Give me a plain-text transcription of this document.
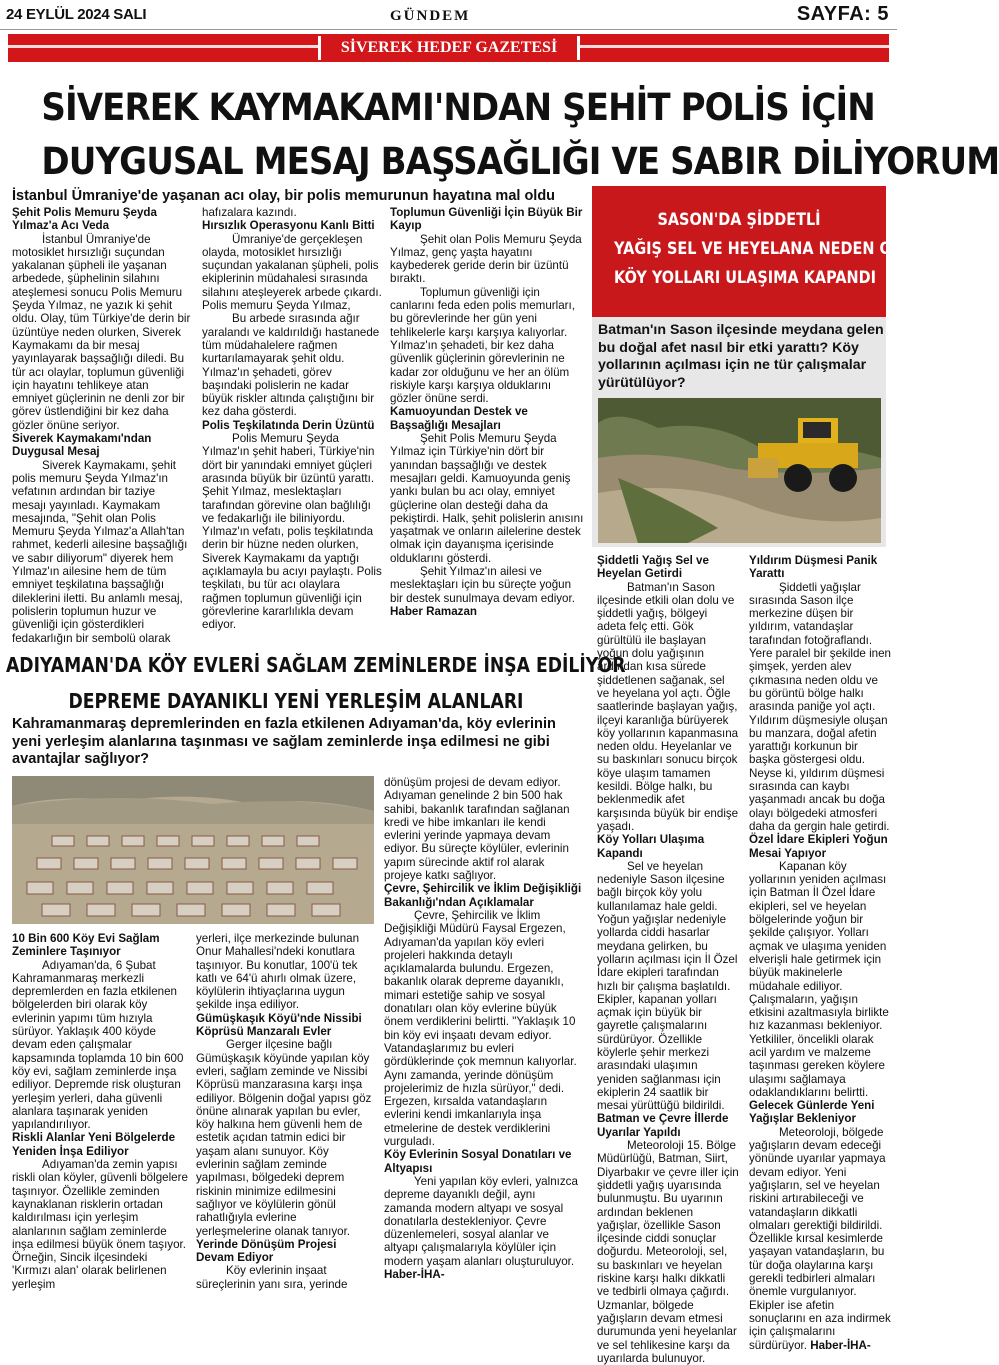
24 EYLÜL 2024 SALI	GÜNDEM	SAYFA: 5
SİVEREK HEDEF GAZETESİ
SİVEREK KAYMAKAMI'NDAN ŞEHİT POLİS İÇİN
DUYGUSAL MESAJ BAŞSAĞLIĞI VE SABIR DİLİYORUM
İstanbul Ümraniye'de yaşanan acı olay, bir polis memurunun hayatına mal oldu
Şehit Polis Memuru Şeyda Yılmaz'a Acı Veda

İstanbul Ümraniye'de motosiklet hırsızlığı suçundan yakalanan şüpheli ile yaşanan arbedede, şüphelinin silahını ateşlemesi sonucu Polis Memuru Şeyda Yılmaz, ne yazık ki şehit oldu. Olay, tüm Türkiye'de derin bir üzüntüye neden olurken, Siverek Kaymakamı da bir mesaj yayınlayarak başsağlığı diledi. Bu tür acı olaylar, toplumun güvenliği için hayatını tehlikeye atan emniyet güçlerinin ne denli zor bir görev üstlendiğini bir kez daha gözler önüne seriyor.

Siverek Kaymakamı'ndan Duygusal Mesaj

Siverek Kaymakamı, şehit polis memuru Şeyda Yılmaz'ın vefatının ardından bir taziye mesajı yayınladı. Kaymakam mesajında, "Şehit olan Polis Memuru Şeyda Yılmaz'a Allah'tan rahmet, kederli ailesine başsağlığı ve sabır diliyorum" diyerek hem Yılmaz'ın ailesine hem de tüm emniyet teşkilatına başsağlığı dileklerini iletti. Bu anlamlı mesaj, polislerin toplumun huzur ve güvenliği için gösterdikleri fedakarlığın bir sembolü olarak

hafızalara kazındı.
Hırsızlık Operasyonu Kanlı Bitti

Ümraniye'de gerçekleşen olayda, motosiklet hırsızlığı suçundan yakalanan şüpheli, polis ekiplerinin müdahalesi sırasında silahını ateşleyerek arbede çıkardı. Polis memuru Şeyda Yılmaz,

Bu arbede sırasında ağır yaralandı ve kaldırıldığı hastanede tüm müdahalelere rağmen kurtarılamayarak şehit oldu. Yılmaz'ın şehadeti, görev başındaki polislerin ne kadar büyük riskler altında çalıştığını bir kez daha gösterdi.

Polis Teşkilatında Derin Üzüntü

Polis Memuru Şeyda Yılmaz'ın şehit haberi, Türkiye'nin dört bir yanındaki emniyet güçleri arasında büyük bir üzüntü yarattı. Şehit Yılmaz, meslektaşları tarafından görevine olan bağlılığı ve fedakarlığı ile biliniyordu. Yılmaz'ın vefatı, polis teşkilatında derin bir hüzne neden olurken, Siverek Kaymakamı da yaptığı açıklamayla bu acıyı paylaştı. Polis teşkilatı, bu tür acı olaylara rağmen toplumun güvenliği için görevlerine kararlılıkla devam ediyor.

Toplumun Güvenliği İçin Büyük Bir Kayıp

Şehit olan Polis Memuru Şeyda Yılmaz, genç yaşta hayatını kaybederek geride derin bir üzüntü bıraktı.

Toplumun güvenliği için canlarını feda eden polis memurları, bu görevlerinde her gün yeni tehlikelerle karşı karşıya kalıyorlar. Yılmaz'ın şehadeti, bir kez daha güvenlik güçlerinin görevlerinin ne kadar zor olduğunu ve her an ölüm riskiyle karşı karşıya olduklarını gözler önüne serdi.

Kamuoyundan Destek ve Başsağlığı Mesajları

Şehit Polis Memuru Şeyda Yılmaz için Türkiye'nin dört bir yanından başsağlığı ve destek mesajları geldi. Kamuoyunda geniş yankı bulan bu acı olay, emniyet güçlerine olan desteği daha da pekiştirdi. Halk, şehit polislerin anısını yaşatmak ve onların ailelerine destek olmak için dayanışma içerisinde olduklarını gösterdi.

Şehit Yılmaz'ın ailesi ve meslektaşları için bu süreçte yoğun bir destek sunulmaya devam ediyor. Haber Ramazan

SASON'DA ŞİDDETLİ
YAĞIŞ SEL VE HEYELANA NEDEN OLDU
KÖY YOLLARI ULAŞIMA KAPANDI
Batman'ın Sason ilçesinde meydana gelen bu doğal afet nasıl bir etki yarattı? Köy yollarının açılması için ne tür çalışmalar yürütülüyor?
Şiddetli Yağış Sel ve Heyelan Getirdi

Batman'ın Sason ilçesinde etkili olan dolu ve şiddetli yağış, bölgeyi adeta felç etti. Gök gürültülü ile başlayan yoğun dolu yağışının ardından kısa sürede şiddetlenen sağanak, sel ve heyelana yol açtı. Öğle saatlerinde başlayan yağış, ilçeyi karanlığa bürüyerek köy yollarının kapanmasına neden oldu. Heyelanlar ve su baskınları sonucu birçok köye ulaşım tamamen kesildi. Bölge halkı, bu beklenmedik afet karşısında büyük bir endişe yaşadı.

Köy Yolları Ulaşıma Kapandı

Sel ve heyelan nedeniyle Sason ilçesine bağlı birçok köy yolu kullanılamaz hale geldi. Yoğun yağışlar nedeniyle yollarda ciddi hasarlar meydana gelirken, bu yolların açılması için İl Özel İdare ekipleri tarafından hızlı bir çalışma başlatıldı. Ekipler, kapanan yolları açmak için büyük bir gayretle çalışmalarını sürdürüyor. Özellikle köylerle şehir merkezi arasındaki ulaşımın yeniden sağlanması için ekiplerin 24 saatlik bir mesai yürüttüğü bildirildi.

Batman ve Çevre İllerde Uyarılar Yapıldı

Meteoroloji 15. Bölge Müdürlüğü, Batman, Siirt, Diyarbakır ve çevre iller için şiddetli yağış uyarısında bulunmuştu. Bu uyarının ardından beklenen yağışlar, özellikle Sason ilçesinde ciddi sonuçlar doğurdu. Meteoroloji, sel, su baskınları ve heyelan riskine karşı halkı dikkatli ve tedbirli olmaya çağırdı. Uzmanlar, bölgede yağışların devam etmesi durumunda yeni heyelanlar ve sel tehlikesine karşı da uyarılarda bulunuyor.

Yıldırım Düşmesi Panik Yarattı

Şiddetli yağışlar sırasında Sason ilçe merkezine düşen bir yıldırım, vatandaşlar tarafından fotoğraflandı. Yere paralel bir şekilde inen şimşek, yerden alev çıkmasına neden oldu ve bu görüntü bölge halkı arasında paniğe yol açtı. Yıldırım düşmesiyle oluşan bu manzara, doğal afetin yarattığı korkunun bir başka göstergesi oldu. Neyse ki, yıldırım düşmesi sırasında can kaybı yaşanmadı ancak bu doğa olayı bölgedeki atmosferi daha da gergin hale getirdi.

Özel İdare Ekipleri Yoğun Mesai Yapıyor

Kapanan köy yollarının yeniden açılması için Batman İl Özel İdare ekipleri, sel ve heyelan bölgelerinde yoğun bir şekilde çalışıyor. Yolları açmak ve ulaşıma yeniden elverişli hale getirmek için büyük makinelerle müdahale ediliyor. Çalışmaların, yağışın etkisini azaltmasıyla birlikte hız kazanması bekleniyor. Yetkililer, öncelikli olarak acil yardım ve malzeme taşınması gereken köylere ulaşımı sağlamaya odaklandıklarını belirtti.

Gelecek Günlerde Yeni Yağışlar Bekleniyor

Meteoroloji, bölgede yağışların devam edeceği yönünde uyarılar yapmaya devam ediyor. Yeni yağışların, sel ve heyelan riskini artırabileceği ve vatandaşların dikkatli olmaları gerektiği bildirildi. Özellikle kırsal kesimlerde yaşayan vatandaşların, bu tür doğa olaylarına karşı gerekli tedbirleri almaları önemle vurgulanıyor. Ekipler ise afetin sonuçlarını en aza indirmek için çalışmalarını sürdürüyor. Haber-İHA-

ADIYAMAN'DA KÖY EVLERİ SAĞLAM ZEMİNLERDE İNŞA EDİLİYOR
DEPREME DAYANIKLI YENİ YERLEŞİM ALANLARI
Kahramanmaraş depremlerinden en fazla etkilenen Adıyaman'da, köy evlerinin yeni yerleşim alanlarına taşınması ve sağlam zeminlerde inşa edilmesi ne gibi avantajlar sağlıyor?
10 Bin 600 Köy Evi Sağlam Zeminlere Taşınıyor

Adıyaman'da, 6 Şubat Kahramanmaraş merkezli depremlerden en fazla etkilenen bölgelerden biri olarak köy evlerinin yapımı tüm hızıyla sürüyor. Yaklaşık 400 köyde devam eden çalışmalar kapsamında toplamda 10 bin 600 köy evi, sağlam zeminlerde inşa ediliyor. Depremde risk oluşturan yerleşim yerleri, daha güvenli alanlara taşınarak yeniden yapılandırılıyor.

Riskli Alanlar Yeni Bölgelerde Yeniden İnşa Ediliyor

Adıyaman'da zemin yapısı riskli olan köyler, güvenli bölgelere taşınıyor. Özellikle zeminden kaynaklanan risklerin ortadan kaldırılması için yerleşim alanlarının sağlam zeminlerde inşa edilmesi büyük önem taşıyor. Örneğin, Sincik ilçesindeki 'Kırmızı alan' olarak belirlenen yerleşim

yerleri, ilçe merkezinde bulunan Onur Mahallesi'ndeki konutlara taşınıyor. Bu konutlar, 100'ü tek katlı ve 64'ü ahırlı olmak üzere, köylülerin ihtiyaçlarına uygun şekilde inşa ediliyor.
Gümüşkaşık Köyü'nde Nissibi Köprüsü Manzaralı Evler

Gerger ilçesine bağlı Gümüşkaşık köyünde yapılan köy evleri, sağlam zeminde ve Nissibi Köprüsü manzarasına karşı inşa ediliyor. Bölgenin doğal yapısı göz önüne alınarak yapılan bu evler, köy halkına hem güvenli hem de estetik açıdan tatmin edici bir yaşam alanı sunuyor. Köy evlerinin sağlam zeminde yapılması, bölgedeki deprem riskinin minimize edilmesini sağlıyor ve köylülerin gönül rahatlığıyla evlerine yerleşmelerine olanak tanıyor.

Yerinde Dönüşüm Projesi Devam Ediyor

Köy evlerinin inşaat süreçlerinin yanı sıra, yerinde

dönüşüm projesi de devam ediyor. Adıyaman genelinde 2 bin 500 hak sahibi, bakanlık tarafından sağlanan kredi ve hibe imkanları ile kendi evlerini yerinde yapmaya devam ediyor. Bu süreçte köylüler, evlerinin yapım sürecinde aktif rol alarak projeye katkı sağlıyor.
Çevre, Şehircilik ve İklim Değişikliği Bakanlığı'ndan Açıklamalar

Çevre, Şehircilik ve İklim Değişikliği Müdürü Faysal Ergezen, Adıyaman'da yapılan köy evleri projeleri hakkında detaylı açıklamalarda bulundu. Ergezen, bakanlık olarak depreme dayanıklı, mimari estetiğe sahip ve sosyal donatıları olan köy evlerine büyük önem verdiklerini belirtti. "Yaklaşık 10 bin köy evi inşaatı devam ediyor. Vatandaşlarımız bu evleri gördüklerinde çok memnun kalıyorlar. Aynı zamanda, yerinde dönüşüm projelerimiz de hızla sürüyor," dedi. Ergezen, kırsalda vatandaşların evlerini kendi imkanlarıyla inşa etmelerine de destek verdiklerini vurguladı.

Köy Evlerinin Sosyal Donatıları ve Altyapısı

Yeni yapılan köy evleri, yalnızca depreme dayanıklı değil, aynı zamanda modern altyapı ve sosyal donatılarla destekleniyor. Çevre düzenlemeleri, sosyal alanlar ve altyapı çalışmalarıyla köylüler için modern yaşam alanları oluşturuluyor. Haber-İHA-
